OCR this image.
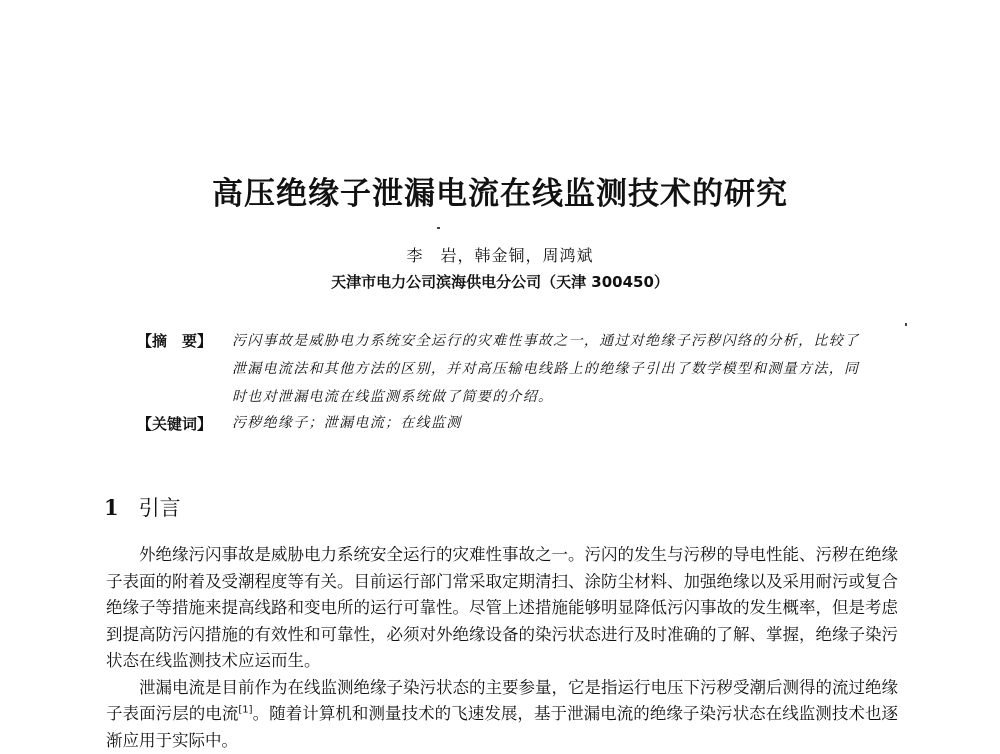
高压绝缘子泄漏电流在线监测技术的研究
李　岩，韩金铜，周鸿斌
天津市电力公司滨海供电分公司（天津 300450）
【摘　要】 污闪事故是威胁电力系统安全运行的灾难性事故之一，通过对绝缘子污秽闪络的分析，比较了泄漏电流法和其他方法的区别，并对高压输电线路上的绝缘子引出了数学模型和测量方法，同时也对泄漏电流在线监测系统做了简要的介绍。
【关键词】 污秽绝缘子；泄漏电流；在线监测
1 引言

外绝缘污闪事故是威胁电力系统安全运行的灾难性事故之一。污闪的发生与污秽的导电性能、污秽在绝缘子表面的附着及受潮程度等有关。目前运行部门常采取定期清扫、涂防尘材料、加强绝缘以及采用耐污或复合绝缘子等措施来提高线路和变电所的运行可靠性。尽管上述措施能够明显降低污闪事故的发生概率，但是考虑到提高防污闪措施的有效性和可靠性，必须对外绝缘设备的染污状态进行及时准确的了解、掌握，绝缘子染污状态在线监测技术应运而生。

泄漏电流是目前作为在线监测绝缘子染污状态的主要参量，它是指运行电压下污秽受潮后测得的流过绝缘子表面污层的电流[1]。随着计算机和测量技术的飞速发展，基于泄漏电流的绝缘子染污状态在线监测技术也逐渐应用于实际中。
